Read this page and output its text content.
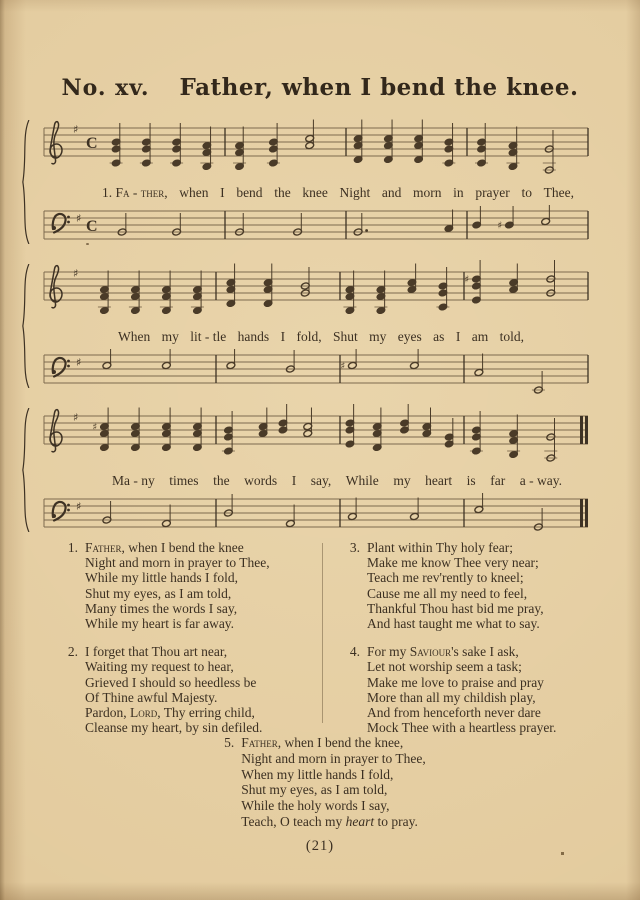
No. xv. Father, when I bend the knee.
♯
C
1. Fa - ther, when I bend the knee Night and morn in prayer to Thee,
♯ C	♯
♯	♯
When my lit - tle hands I fold, Shut my eyes as I am told,
♯	♯
♯
♯
Ma - ny times the words I say, While my heart is far a - way.
♯
1. Father, when I bend the knee
Night and morn in prayer to Thee,
While my little hands I fold,
Shut my eyes, as I am told,
Many times the words I say,
While my heart is far away.
2. I forget that Thou art near,
Waiting my request to hear,
Grieved I should so heedless be
Of Thine awful Majesty.
Pardon, Lord, Thy erring child,
Cleanse my heart, by sin defiled.
3. Plant within Thy holy fear;
Make me know Thee very near;
Teach me rev'rently to kneel;
Cause me all my need to feel,
Thankful Thou hast bid me pray,
And hast taught me what to say.
4. For my Saviour's sake I ask,
Let not worship seem a task;
Make me love to praise and pray
More than all my childish play,
And from henceforth never dare
Mock Thee with a heartless prayer.
5. Father, when I bend the knee,
Night and morn in prayer to Thee,
When my little hands I fold,
Shut my eyes, as I am told,
While the holy words I say,
Teach, O teach my heart to pray.
(21)
